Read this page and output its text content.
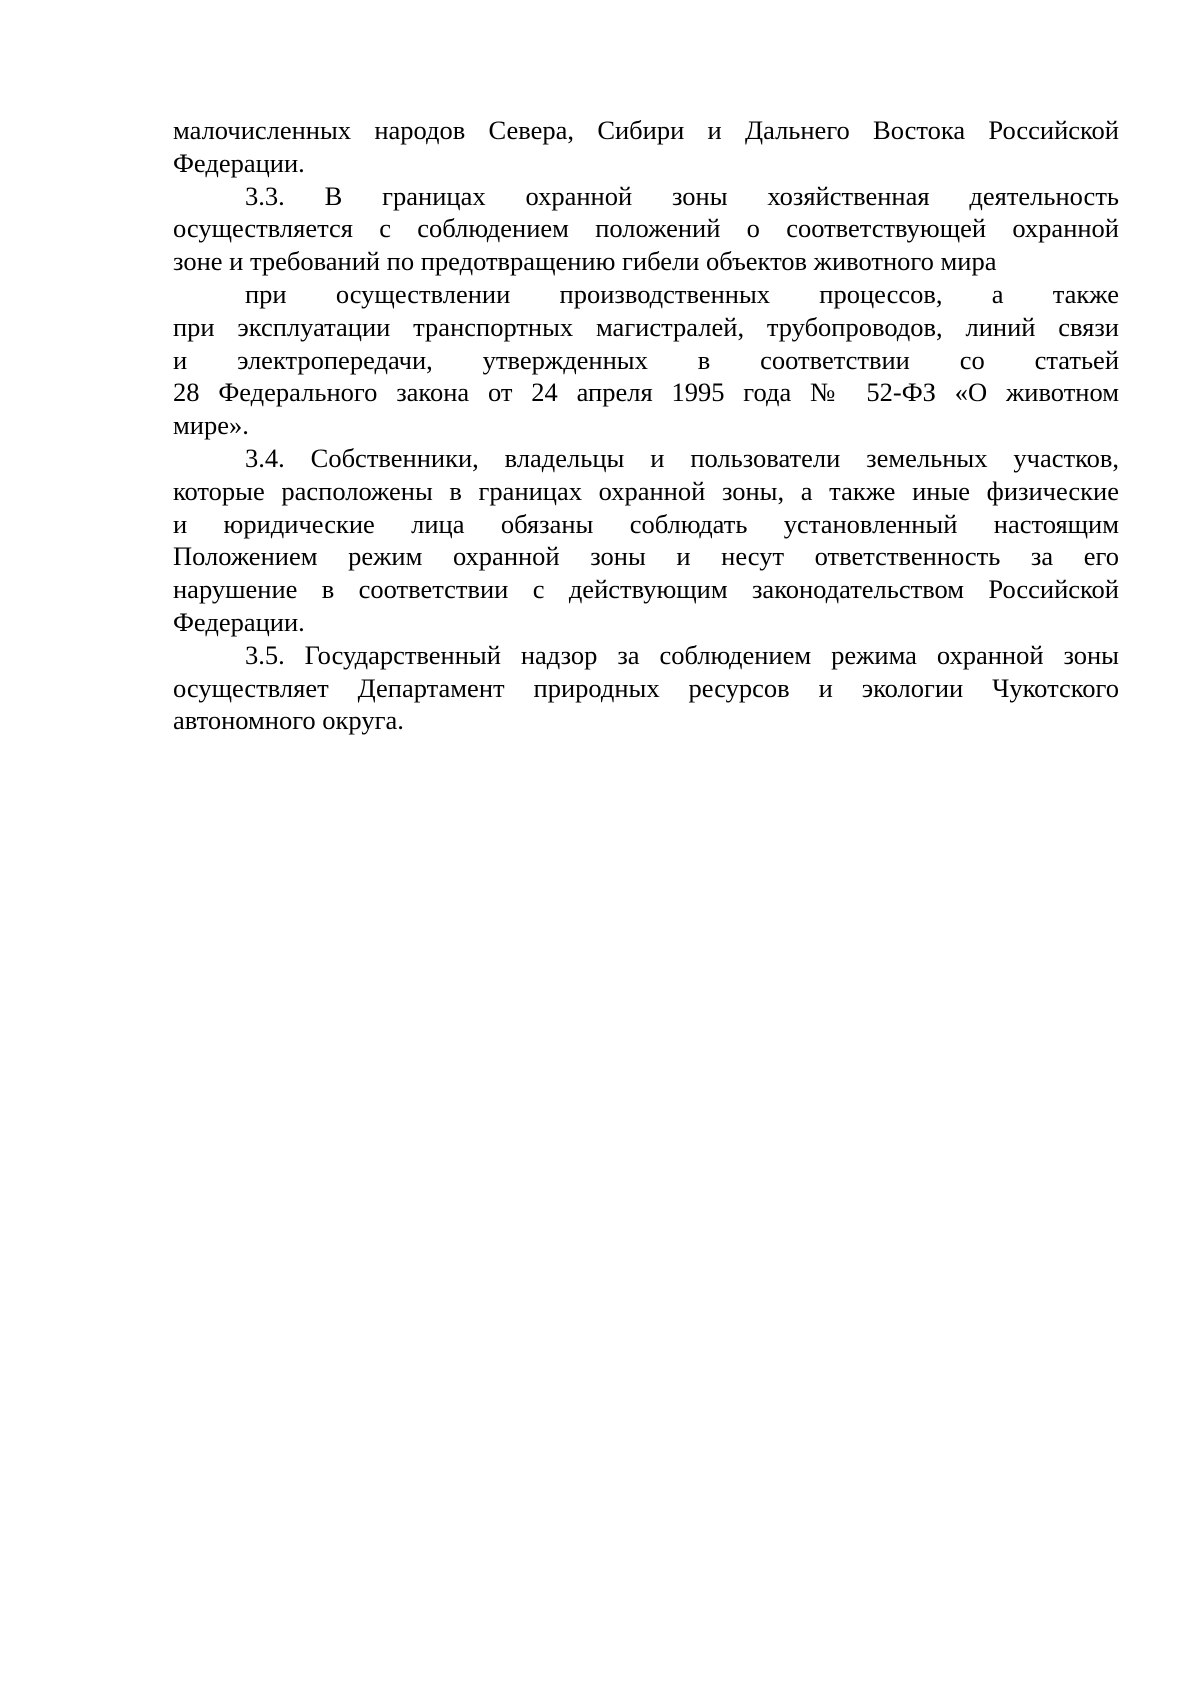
малочисленных народов Севера, Сибири и Дальнего Востока Российской
Федерации.
3.3. В границах охранной зоны хозяйственная деятельность
осуществляется с соблюдением положений о соответствующей охранной
зоне и требований по предотвращению гибели объектов животного мира
при осуществлении производственных процессов, а также
при эксплуатации транспортных магистралей, трубопроводов, линий связи
и электропередачи, утвержденных в соответствии со статьей
28 Федерального закона от 24 апреля 1995 года № 52-ФЗ «О животном
мире».
3.4. Собственники, владельцы и пользователи земельных участков,
которые расположены в границах охранной зоны, а также иные физические
и юридические лица обязаны соблюдать установленный настоящим
Положением режим охранной зоны и несут ответственность за его
нарушение в соответствии с действующим законодательством Российской
Федерации.
3.5. Государственный надзор за соблюдением режима охранной зоны
осуществляет Департамент природных ресурсов и экологии Чукотского
автономного округа.
